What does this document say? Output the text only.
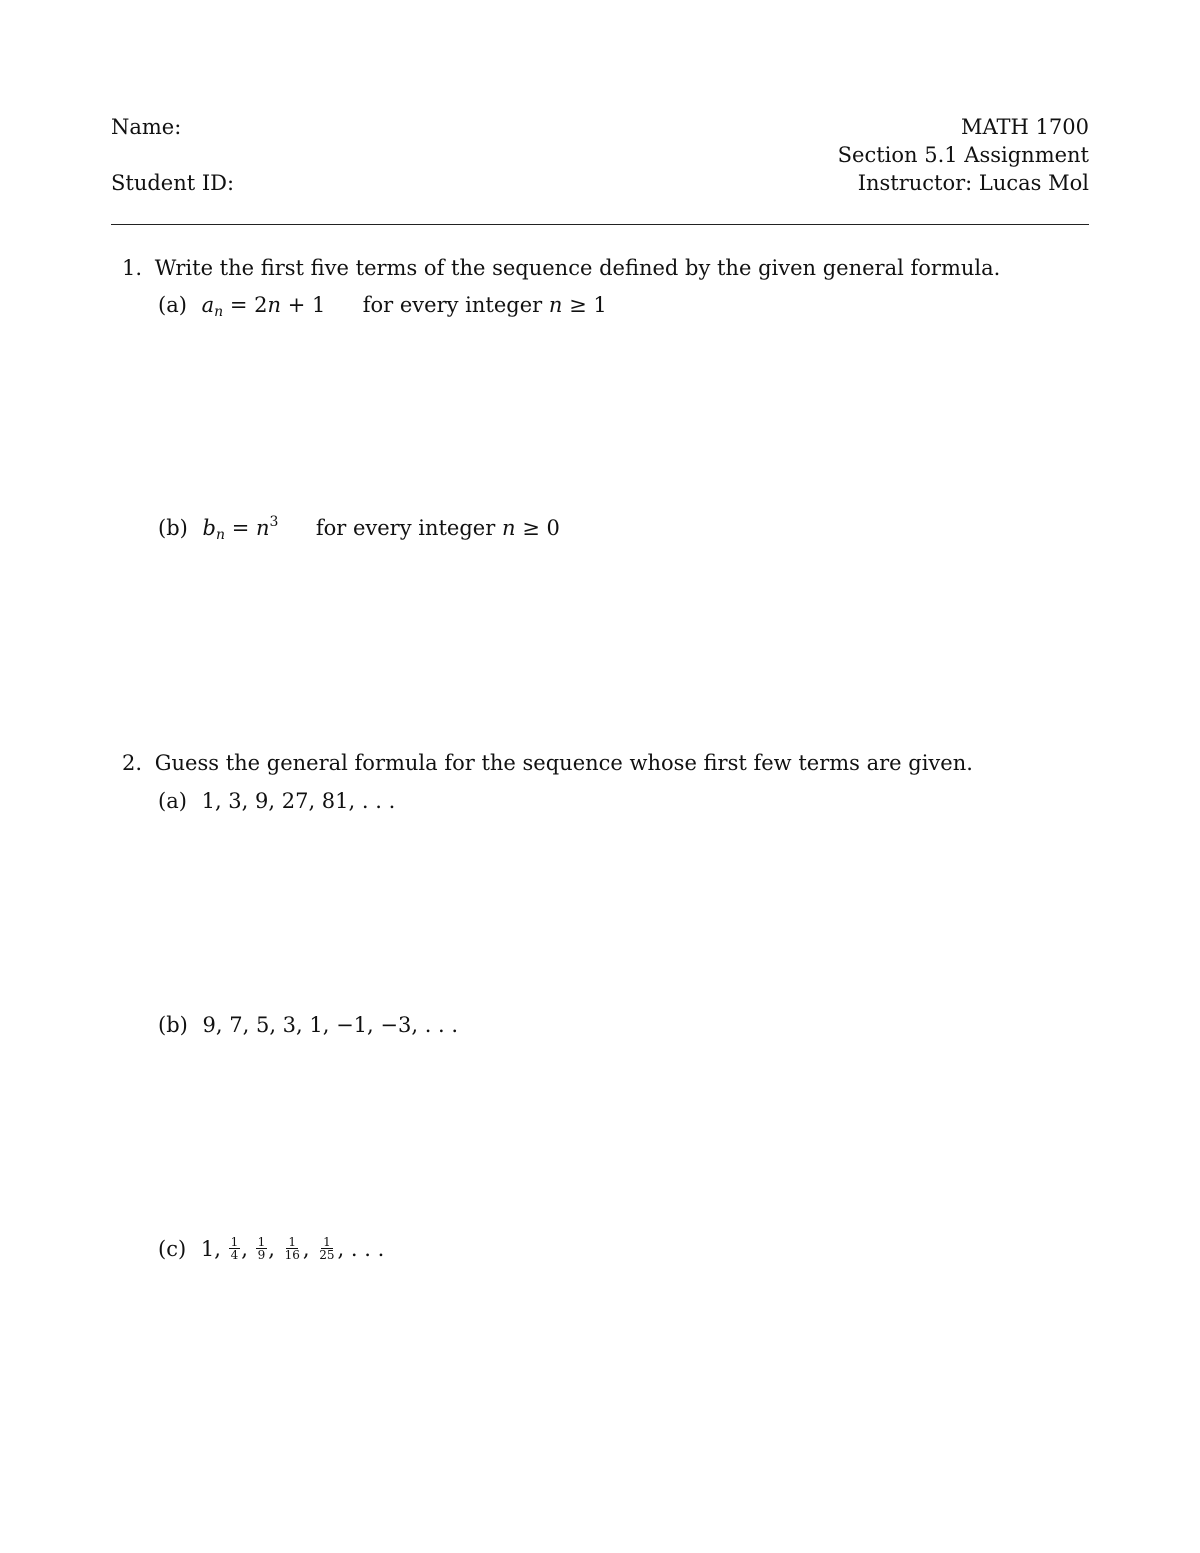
Name:
Student ID:
MATH 1700
Section 5.1 Assignment
Instructor: Lucas Mol
1. Write the first five terms of the sequence defined by the given general formula.
(a) $a_n = 2n + 1$ for every integer n ≥ 1
(b) $b_n = n^3$ for every integer n ≥ 0
2. Guess the general formula for the sequence whose first few terms are given.
(a) 1, 3, 9, 27, 81, . . .
(b) 9, 7, 5, 3, 1, −1, −3, . . .
(c) 1, $\frac{1}{4}$ , $\frac{1}{9}$ , $\frac{1}{16}$ , $\frac{1}{25}$ , . . .
